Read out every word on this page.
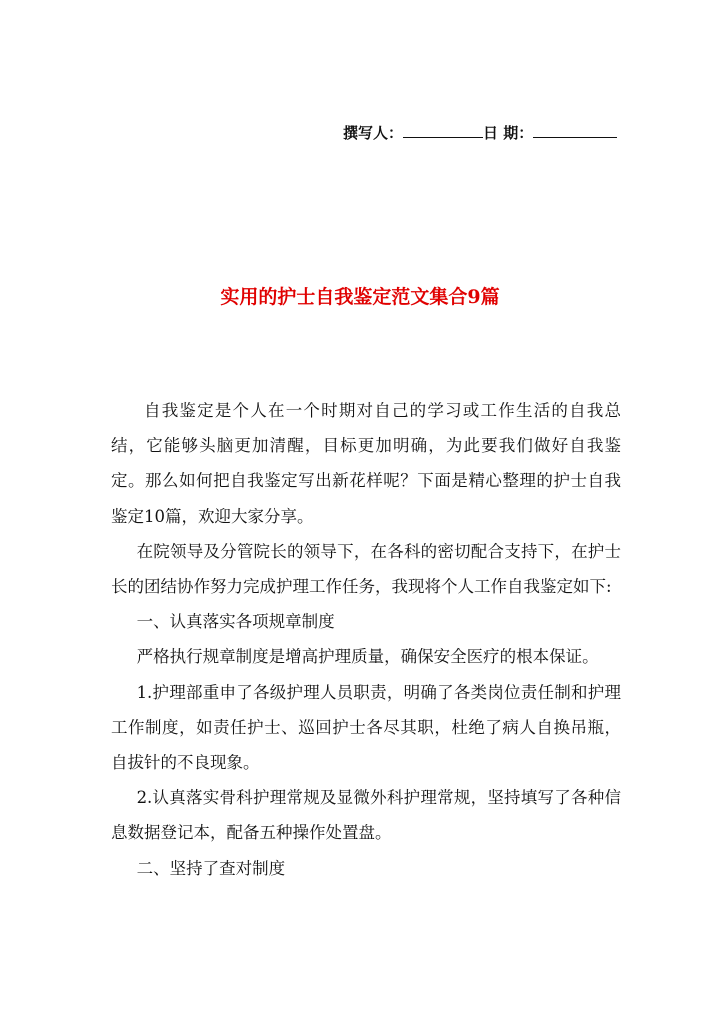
撰写人：	日 期：
实用的护士自我鉴定范文集合9篇

自我鉴定是个人在一个时期对自己的学习或工作生活的自我总结，它能够头脑更加清醒，目标更加明确，为此要我们做好自我鉴定。那么如何把自我鉴定写出新花样呢？下面是精心整理的护士自我鉴定10篇，欢迎大家分享。

在院领导及分管院长的领导下，在各科的密切配合支持下，在护士长的团结协作努力完成护理工作任务，我现将个人工作自我鉴定如下:

一、认真落实各项规章制度

严格执行规章制度是增高护理质量，确保安全医疗的根本保证。

1.护理部重申了各级护理人员职责，明确了各类岗位责任制和护理工作制度，如责任护士、巡回护士各尽其职，杜绝了病人自换吊瓶，自拔针的不良现象。

2.认真落实骨科护理常规及显微外科护理常规，坚持填写了各种信息数据登记本，配备五种操作处置盘。

二、坚持了查对制度
